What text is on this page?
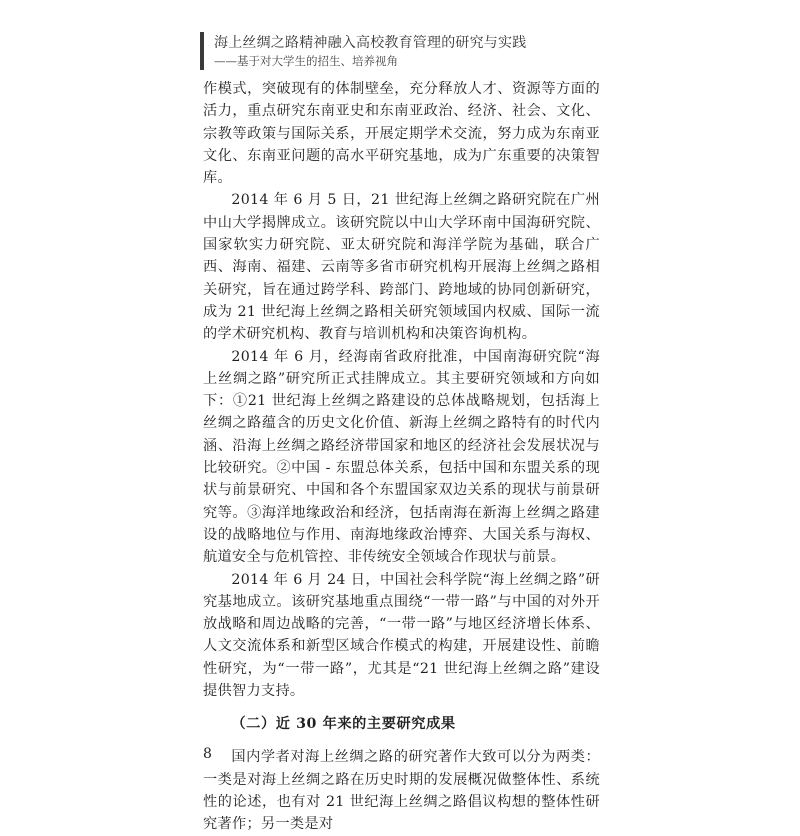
海上丝绸之路精神融入高校教育管理的研究与实践
——基于对大学生的招生、培养视角

作模式，突破现有的体制壁垒，充分释放人才、资源等方面的活力，重点研究东南亚史和东南亚政治、经济、社会、文化、宗教等政策与国际关系，开展定期学术交流，努力成为东南亚文化、东南亚问题的高水平研究基地，成为广东重要的决策智库。

2014 年 6 月 5 日，21 世纪海上丝绸之路研究院在广州中山大学揭牌成立。该研究院以中山大学环南中国海研究院、国家软实力研究院、亚太研究院和海洋学院为基础，联合广西、海南、福建、云南等多省市研究机构开展海上丝绸之路相关研究，旨在通过跨学科、跨部门、跨地域的协同创新研究，成为 21 世纪海上丝绸之路相关研究领域国内权威、国际一流的学术研究机构、教育与培训机构和决策咨询机构。

2014 年 6 月，经海南省政府批准，中国南海研究院“海上丝绸之路”研究所正式挂牌成立。其主要研究领域和方向如下：①21 世纪海上丝绸之路建设的总体战略规划，包括海上丝绸之路蕴含的历史文化价值、新海上丝绸之路特有的时代内涵、沿海上丝绸之路经济带国家和地区的经济社会发展状况与比较研究。②中国 - 东盟总体关系，包括中国和东盟关系的现状与前景研究、中国和各个东盟国家双边关系的现状与前景研究等。③海洋地缘政治和经济，包括南海在新海上丝绸之路建设的战略地位与作用、南海地缘政治博弈、大国关系与海权、航道安全与危机管控、非传统安全领域合作现状与前景。

2014 年 6 月 24 日，中国社会科学院“海上丝绸之路”研究基地成立。该研究基地重点围绕“一带一路”与中国的对外开放战略和周边战略的完善，“一带一路”与地区经济增长体系、人文交流体系和新型区域合作模式的构建，开展建设性、前瞻性研究，为“一带一路”，尤其是“21 世纪海上丝绸之路”建设提供智力支持。

（二）近 30 年来的主要研究成果

国内学者对海上丝绸之路的研究著作大致可以分为两类：一类是对海上丝绸之路在历史时期的发展概况做整体性、系统性的论述，也有对 21 世纪海上丝绸之路倡议构想的整体性研究著作；另一类是对

8
